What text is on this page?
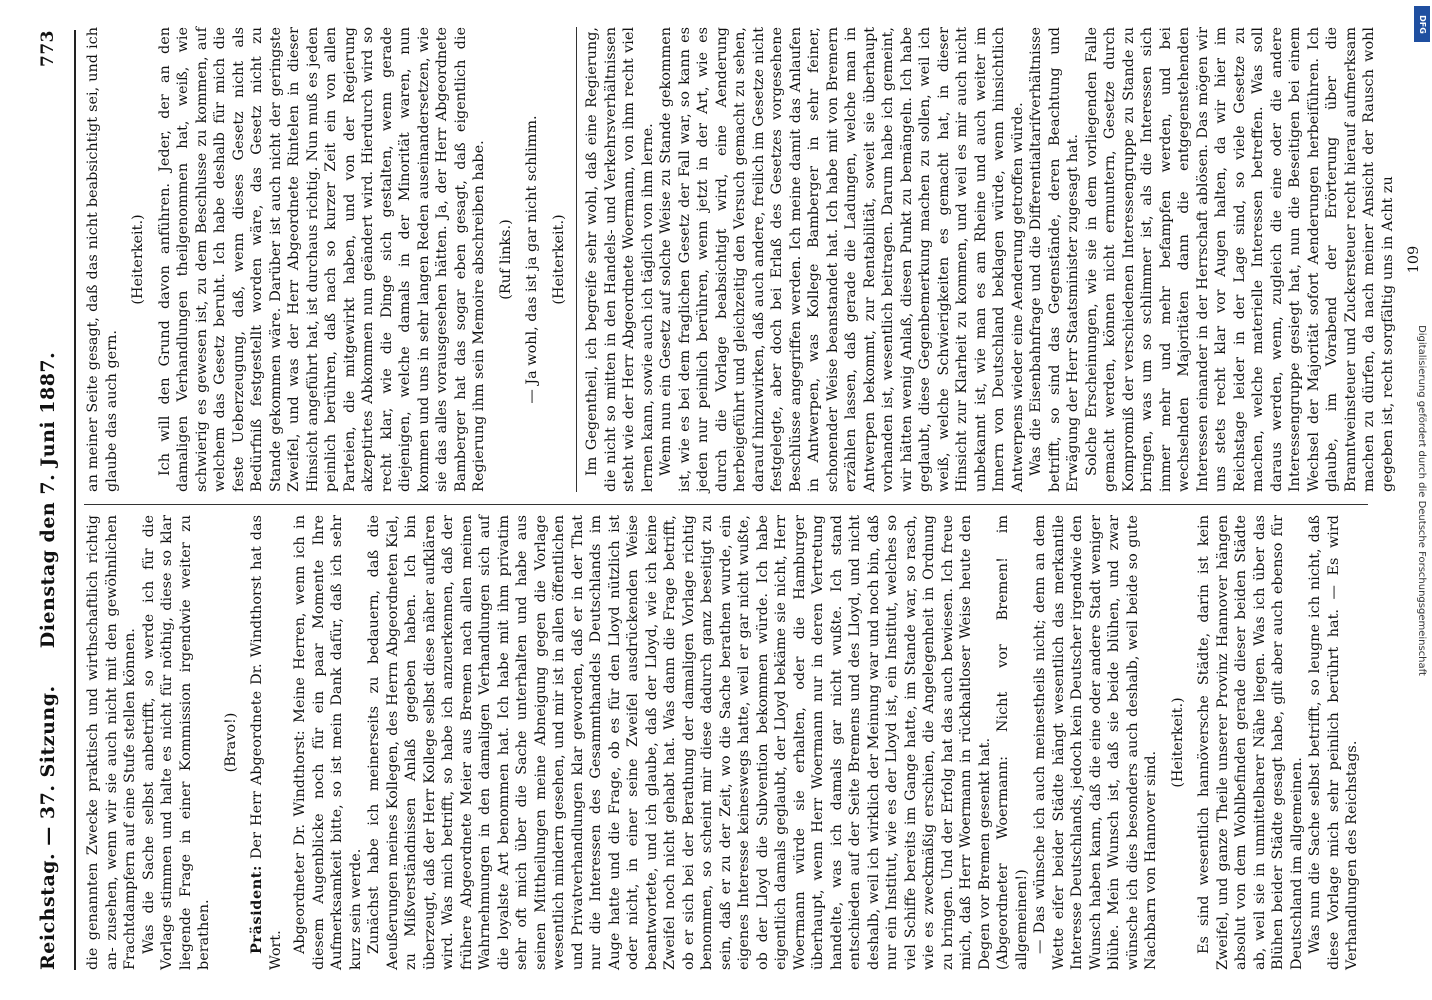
Reichstag. — 37. Sitzung.
Dienstag den 7. Juni 1887.
773

die genannten Zwecke praktisch und wirthschaftlich richtig an- zusehen, wenn wir sie auch nicht mit den gewöhnlichen Frachtdampfern auf eine Stufe stellen können. Was die Sache selbst anbetrifft, so werde ich für die Vorlage stimmen und halte es nicht für nöthig, diese so klar liegende Frage in einer Kommission irgendwie weiter zu berathen.

(Bravo!)

Präsident: Der Herr Abgeordnete Dr. Windthorst hat das Wort. Abgeordneter Dr. Windthorst: Meine Herren, wenn ich in diesem Augenblicke noch für ein paar Momente Ihre Aufmerksamkeit bitte, so ist mein Dank dafür, daß ich sehr kurz sein werde. Zunächst habe ich meinerseits zu bedauern, daß die Aeußerungen meines Kollegen, des Herrn Abgeordneten Kiel, zu Mißverständnissen Anlaß gegeben haben. Ich bin überzeugt, daß der Herr Kollege selbst diese näher aufklären wird. Was mich betrifft, so habe ich anzuerkennen, daß der frühere Abgeordnete Meier aus Bremen nach allen meinen Wahrnehmungen in den damaligen Verhandlungen sich auf die loyalste Art benommen hat. Ich habe mit ihm privatim sehr oft mich über die Sache unterhalten und habe aus seinen Mittheilungen meine Abneigung gegen die Vorlage wesentlich mindern gesehen, und mir ist in allen öffentlichen und Privatverhandlungen klar geworden, daß er in der That nur die Interessen des Gesammthandels Deutschlands im Auge hatte und die Frage, ob es für den Lloyd nützlich ist oder nicht, in einer seine Zweifel ausdrückenden Weise beantwortete, und ich glaube, daß der Lloyd, wie ich keine Zweifel noch nicht gehabt hat. Was dann die Frage betrifft, ob er sich bei der Berathung der damaligen Vorlage richtig benommen, so scheint mir diese dadurch ganz beseitigt zu sein, daß er zu der Zeit, wo die Sache berathen wurde, ein eigenes Interesse keineswegs hatte, weil er gar nicht wußte, ob der Lloyd die Subvention bekommen würde. Ich habe eigentlich damals geglaubt, der Lloyd bekäme sie nicht, Herr Woermann würde sie erhalten, oder die Hamburger überhaupt, wenn Herr Woermann nur in deren Vertretung handelte, was ich damals gar nicht wußte. Ich stand entschieden auf der Seite Bremens und des Lloyd, und nicht deshalb, weil ich wirklich der Meinung war und noch bin, daß nur ein Institut, wie es der Lloyd ist, ein Institut, welches so viel Schiffe bereits im Gange hatte, im Stande war, so rasch, wie es zweckmäßig erschien, die Angelegenheit in Ordnung zu bringen. Und der Erfolg hat das auch bewiesen. Ich freue mich, daß Herr Woermann in rückhaltloser Weise heute den Degen vor Bremen gesenkt hat. (Abgeordneter Woermann: Nicht vor Bremen! im allgemeinen!) — Das wünsche ich auch meinestheils nicht; denn an dem Wette eifer beider Städte hängt wesentlich das merkantile Interesse Deutschlands, jedoch kein Deutscher irgendwie den Wunsch haben kann, daß die eine oder andere Stadt weniger blühe. Mein Wunsch ist, daß sie beide blühen, und zwar wünsche ich dies besonders auch deshalb, weil beide so gute Nachbarn von Hannover sind.

(Heiterkeit.) Es sind wesentlich hannöversche Städte, darin ist kein Zweifel, und ganze Theile unserer Provinz Hannover hängen absolut von dem Wohlbefinden gerade dieser beiden Städte ab, weil sie in unmittelbarer Nähe liegen. Was ich über das Blühen beider Städte gesagt habe, gilt aber auch ebenso für Deutschland im allgemeinen. Was nun die Sache selbst betrifft, so leugne ich nicht, daß diese Vorlage mich sehr peinlich berührt hat. — Es wird Verhandlungen des Reichstags.

an meiner Seite gesagt, daß das nicht beabsichtigt sei, und ich glaube das auch gern.

(Heiterkeit.) Ich will den Grund davon anführen. Jeder, der an den damaligen Verhandlungen theilgenommen hat, weiß, wie schwierig es gewesen ist, zu dem Beschlusse zu kommen, auf welchem das Gesetz beruht. Ich habe deshalb für mich die feste Ueberzeugung, daß, wenn dieses Gesetz nicht als Bedürfniß festgestellt worden wäre, das Gesetz nicht zu Stande gekommen wäre. Darüber ist auch nicht der geringste Zweifel, und was der Herr Abgeordnete Rintelen in dieser Hinsicht angeführt hat, ist durchaus richtig. Nun muß es jeden peinlich berühren, daß nach so kurzer Zeit ein von allen Parteien, die mitgewirkt haben, und von der Regierung akzeptirtes Abkommen nun geändert wird. Hierdurch wird so recht klar, wie die Dinge sich gestalten, wenn gerade diejenigen, welche damals in der Minorität waren, nun kommen und uns in sehr langen Reden auseinandersetzen, wie sie das alles vorausgesehen hätten. Ja, der Herr Abgeordnete Bamberger hat das sogar eben gesagt, daß eigentlich die Regierung ihm sein Memoire abschreiben habe. (Ruf links.) — Ja wohl, das ist ja gar nicht schlimm. (Heiterkeit.) Im Gegentheil, ich begreife sehr wohl, daß eine Regierung, die nicht so mitten in den Handels- und Verkehrsverhältnissen steht wie der Herr Abgeordnete Woermann, von ihm recht viel lernen kann, sowie auch ich täglich von ihm lerne. Wenn nun ein Gesetz auf solche Weise zu Stande gekommen ist, wie es bei dem fraglichen Gesetz der Fall war, so kann es jeden nur peinlich berühren, wenn jetzt in der Art, wie es durch die Vorlage beabsichtigt wird, eine Aenderung herbeigeführt und gleichzeitig den Versuch gemacht zu sehen, darauf hinzuwirken, daß auch andere, freilich im Gesetze nicht festgelegte, aber doch bei Erlaß des Gesetzes vorgesehene Beschlüsse angegriffen werden. Ich meine damit das Anlaufen in Antwerpen, was Kollege Bamberger in sehr feiner, schonender Weise beanstandet hat. Ich habe mit von Bremern erzählen lassen, daß gerade die Ladungen, welche man in Antwerpen bekommt, zur Rentabilität, soweit sie überhaupt vorhanden ist, wesentlich beitragen. Darum habe ich gemeint, wir hätten wenig Anlaß, diesen Punkt zu bemängeln. Ich habe geglaubt, diese Gegenbemerkung machen zu sollen, weil ich weiß, welche Schwierigkeiten es gemacht hat, in dieser Hinsicht zur Klarheit zu kommen, und weil es mir auch nicht unbekannt ist, wie man es am Rheine und auch weiter im Innern von Deutschland beklagen würde, wenn hinsichtlich Antwerpens wieder eine Aenderung getroffen würde. Was die Eisenbahnfrage und die Differentialtarifverhältnisse betrifft, so sind das Gegenstände, deren Beachtung und Erwägung der Herr Staatsminister zugesagt hat. Solche Erscheinungen, wie sie in dem vorliegenden Falle gemacht werden, können nicht ermuntern, Gesetze durch Kompromiß der verschiedenen Interessengruppe zu Stande zu bringen, was um so schlimmer ist, als die Interessen sich immer mehr und mehr befampfen werden, und bei wechselnden Majoritäten dann die entgegenstehenden Interessen einander in der Herrschaft ablösen. Das mögen wir uns stets recht klar vor Augen halten, da wir hier im Reichstage leider in der Lage sind, so viele Gesetze zu machen, welche materielle Interessen betreffen. Was soll daraus werden, wenn, zugleich die eine oder die andere Interessengruppe gesiegt hat, nun die Beseitigen bei einem Wechsel der Majorität sofort Aenderungen herbeiführen. Ich glaube, im Vorabend der Erörterung über die Branntweinsteuer und Zuckersteuer recht hierauf aufmerksam machen zu dürfen, da nach meiner Ansicht der Rausch wohl gegeben ist, recht sorgfältig uns in Acht zu 109

Digitalisierung gefördert durch die Deutsche Forschungsgemeinschaft
DFG
